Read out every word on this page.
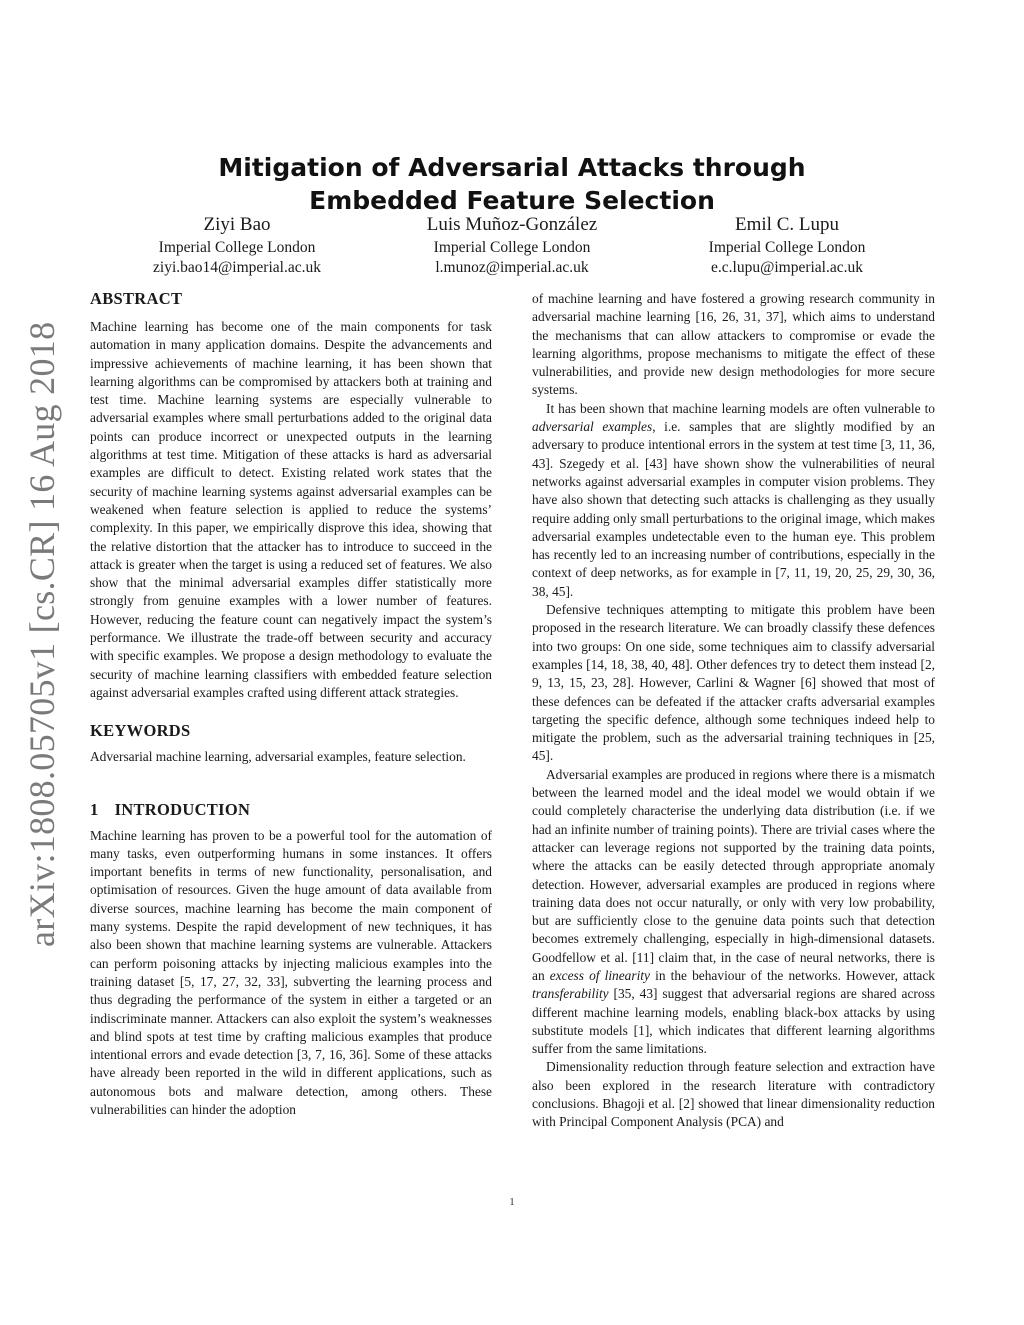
arXiv:1808.05705v1 [cs.CR] 16 Aug 2018
Mitigation of Adversarial Attacks through
Embedded Feature Selection
Ziyi Bao
Imperial College London
ziyi.bao14@imperial.ac.uk
Luis Muñoz-González
Imperial College London
l.munoz@imperial.ac.uk
Emil C. Lupu
Imperial College London
e.c.lupu@imperial.ac.uk
ABSTRACT

Machine learning has become one of the main components for task automation in many application domains. Despite the advancements and impressive achievements of machine learning, it has been shown that learning algorithms can be compromised by attackers both at training and test time. Machine learning systems are especially vulnerable to adversarial examples where small perturbations added to the original data points can produce incorrect or unexpected outputs in the learning algorithms at test time. Mitigation of these attacks is hard as adversarial examples are difficult to detect. Existing related work states that the security of machine learning systems against adversarial examples can be weakened when feature selection is applied to reduce the systems’ complexity. In this paper, we empirically disprove this idea, showing that the relative distortion that the attacker has to introduce to succeed in the attack is greater when the target is using a reduced set of features. We also show that the minimal adversarial examples differ statistically more strongly from genuine examples with a lower number of features. However, reducing the feature count can negatively impact the system’s performance. We illustrate the trade-off between security and accuracy with specific examples. We propose a design methodology to evaluate the security of machine learning classifiers with embedded feature selection against adversarial examples crafted using different attack strategies.

KEYWORDS

Adversarial machine learning, adversarial examples, feature selection.

1 INTRODUCTION

Machine learning has proven to be a powerful tool for the automation of many tasks, even outperforming humans in some instances. It offers important benefits in terms of new functionality, personalisation, and optimisation of resources. Given the huge amount of data available from diverse sources, machine learning has become the main component of many systems. Despite the rapid development of new techniques, it has also been shown that machine learning systems are vulnerable. Attackers can perform poisoning attacks by injecting malicious examples into the training dataset [5, 17, 27, 32, 33], subverting the learning process and thus degrading the performance of the system in either a targeted or an indiscriminate manner. Attackers can also exploit the system’s weaknesses and blind spots at test time by crafting malicious examples that produce intentional errors and evade detection [3, 7, 16, 36]. Some of these attacks have already been reported in the wild in different applications, such as autonomous bots and malware detection, among others. These vulnerabilities can hinder the adoption

of machine learning and have fostered a growing research community in adversarial machine learning [16, 26, 31, 37], which aims to understand the mechanisms that can allow attackers to compromise or evade the learning algorithms, propose mechanisms to mitigate the effect of these vulnerabilities, and provide new design methodologies for more secure systems.

It has been shown that machine learning models are often vulnerable to adversarial examples, i.e. samples that are slightly modified by an adversary to produce intentional errors in the system at test time [3, 11, 36, 43]. Szegedy et al. [43] have shown show the vulnerabilities of neural networks against adversarial examples in computer vision problems. They have also shown that detecting such attacks is challenging as they usually require adding only small perturbations to the original image, which makes adversarial examples undetectable even to the human eye. This problem has recently led to an increasing number of contributions, especially in the context of deep networks, as for example in [7, 11, 19, 20, 25, 29, 30, 36, 38, 45].

Defensive techniques attempting to mitigate this problem have been proposed in the research literature. We can broadly classify these defences into two groups: On one side, some techniques aim to classify adversarial examples [14, 18, 38, 40, 48]. Other defences try to detect them instead [2, 9, 13, 15, 23, 28]. However, Carlini & Wagner [6] showed that most of these defences can be defeated if the attacker crafts adversarial examples targeting the specific defence, although some techniques indeed help to mitigate the problem, such as the adversarial training techniques in [25, 45].

Adversarial examples are produced in regions where there is a mismatch between the learned model and the ideal model we would obtain if we could completely characterise the underlying data distribution (i.e. if we had an infinite number of training points). There are trivial cases where the attacker can leverage regions not supported by the training data points, where the attacks can be easily detected through appropriate anomaly detection. However, adversarial examples are produced in regions where training data does not occur naturally, or only with very low probability, but are sufficiently close to the genuine data points such that detection becomes extremely challenging, especially in high-dimensional datasets. Goodfellow et al. [11] claim that, in the case of neural networks, there is an excess of linearity in the behaviour of the networks. However, attack transferability [35, 43] suggest that adversarial regions are shared across different machine learning models, enabling black-box attacks by using substitute models [1], which indicates that different learning algorithms suffer from the same limitations.

Dimensionality reduction through feature selection and extraction have also been explored in the research literature with contradictory conclusions. Bhagoji et al. [2] showed that linear dimensionality reduction with Principal Component Analysis (PCA) and

1
